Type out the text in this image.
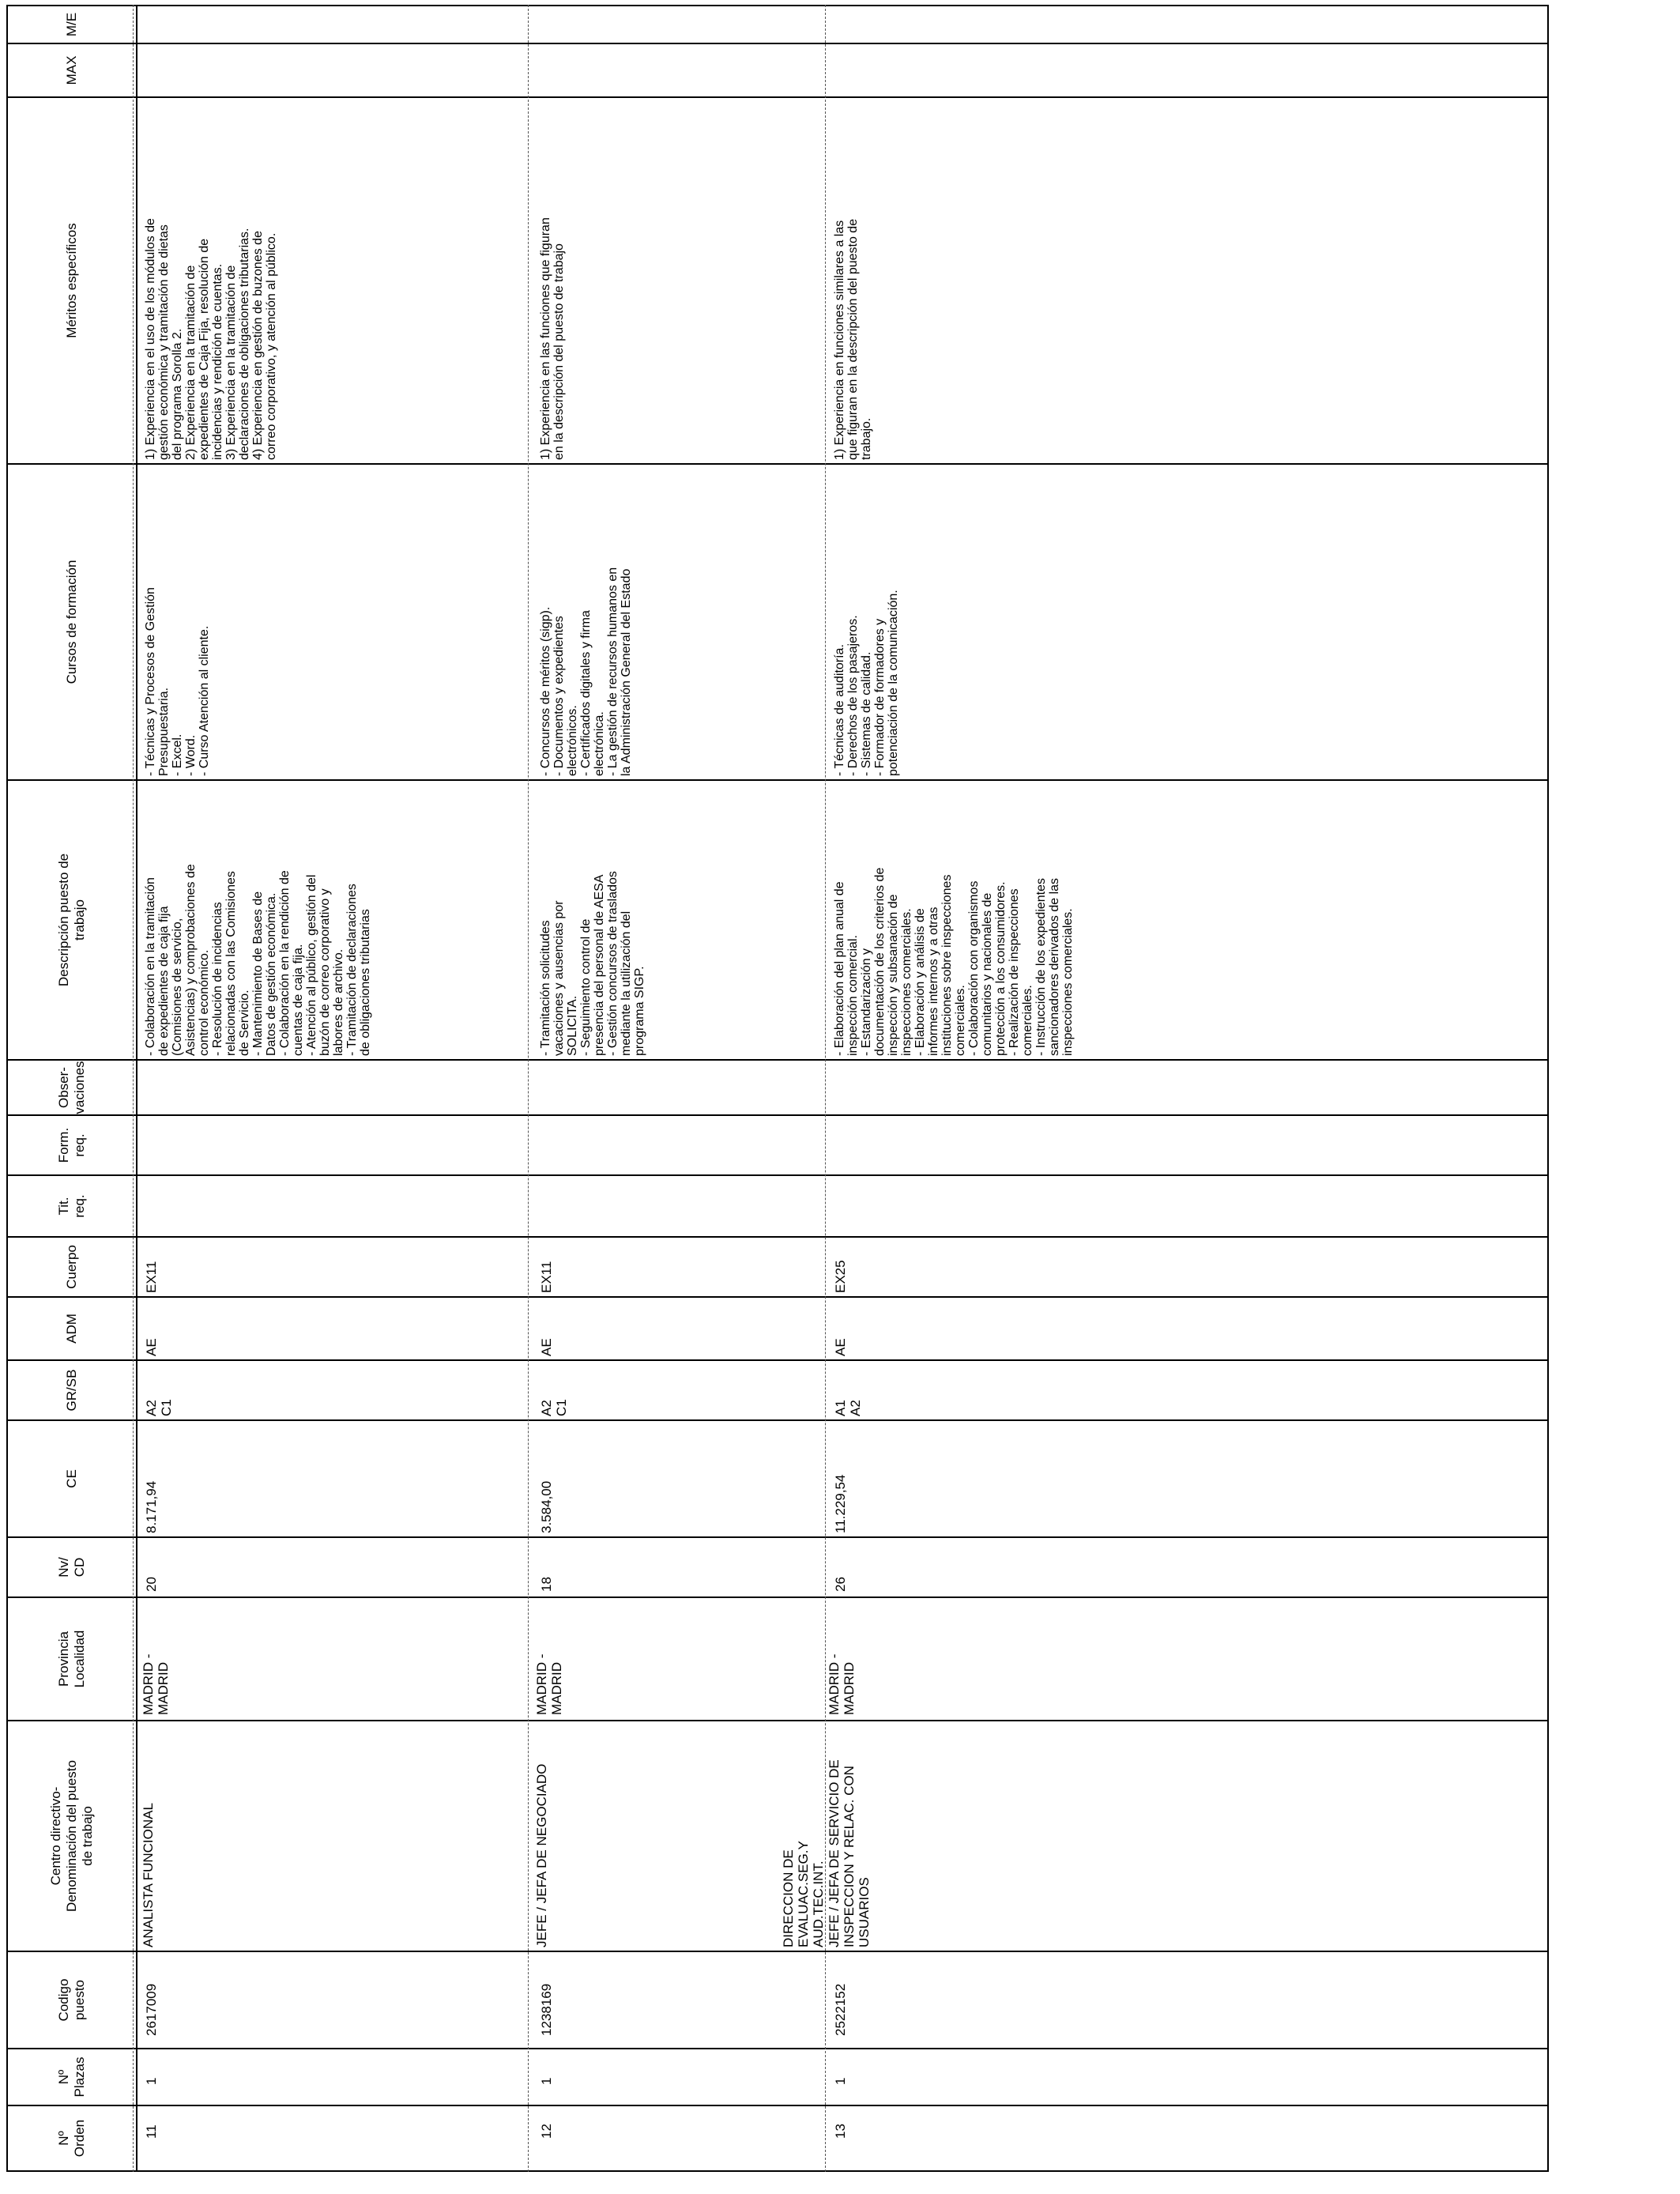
Nº
Orden
Nº
Plazas
Codigo
puesto
Centro directivo-
Denominación del puesto
de trabajo
Provincia
Localidad
Nv/
CD
CE
GR/SB
ADM
Cuerpo
Tit.
req.
Form.
req.
Obser-
vaciones
Descripción puesto de
trabajo
Cursos de formación
Méritos específicos
MAX
M/E
11
1
2617009
ANALISTA FUNCIONAL
MADRID -
MADRID
20
8.171,94
A2
C1
AE
EX11
- Colaboración en la tramitación
de expedientes de caja fija
(Comisiones de servicio,
Asistencias) y comprobaciones de
control económico.
- Resolución de incidencias
relacionadas con las Comisiones
de Servicio.
- Mantenimiento de Bases de
Datos de gestión económica.
- Colaboración en la rendición de
cuentas de caja fija.
- Atención al público, gestión del
buzón de correo corporativo y
labores de archivo.
- Tramitación de declaraciones
de obligaciones tributarias
- Técnicas y Procesos de Gestión
Presupuestaria.
- Excel.
- Word.
- Curso Atención al cliente.
1) Experiencia en el uso de los módulos de
gestión económica y tramitación de dietas
del programa Sorolla 2.
2) Experiencia en la tramitación de
expedientes de Caja Fija, resolución de
incidencias y rendición de cuentas.
3) Experiencia en la tramitación de
declaraciones de obligaciones tributarias.
4) Experiencia en gestión de buzones de
correo corporativo, y atención al público.
12
1
1238169
JEFE / JEFA DE NEGOCIADO
MADRID -
MADRID
18
3.584,00
A2
C1
AE
EX11
- Tramitación solicitudes
vacaciones y ausencias por
SOLICITA.
- Seguimiento control de
presencia del personal de AESA
- Gestión concursos de traslados
mediante la utilización del
programa SIGP.
- Concursos de méritos (sigp).
- Documentos y expedientes
electrónicos.
- Certificados digitales y firma
electrónica.
- La gestión de recursos humanos en
la Administración General del Estado
1) Experiencia en las funciones que figuran
en la descripción del puesto de trabajo
13
1
2522152
DIRECCION DE
EVALUAC.SEG.Y
AUD.TEC.INT. JEFE / JEFA DE SERVICIO DE
INSPECCION Y RELAC. CON
USUARIOS
MADRID -
MADRID
26
11.229,54
A1
A2
AE
EX25
- Elaboración del plan anual de
inspección comercial.
- Estandarización y
documentación de los criterios de
inspección y subsanación de
inspecciones comerciales.
- Elaboración y análisis de
informes internos y a otras
instituciones sobre inspecciones
comerciales.
- Colaboración con organismos
comunitarios y nacionales de
protección a los consumidores.
- Realización de inspecciones
comerciales.
- Instrucción de los expedientes
sancionadores derivados de las
inspecciones comerciales.
- Técnicas de auditoría.
- Derechos de los pasajeros.
- Sistemas de calidad.
- Formador de formadores y
potenciación de la comunicación.
1) Experiencia en funciones similares a las
que figuran en la descripción del puesto de
trabajo.
